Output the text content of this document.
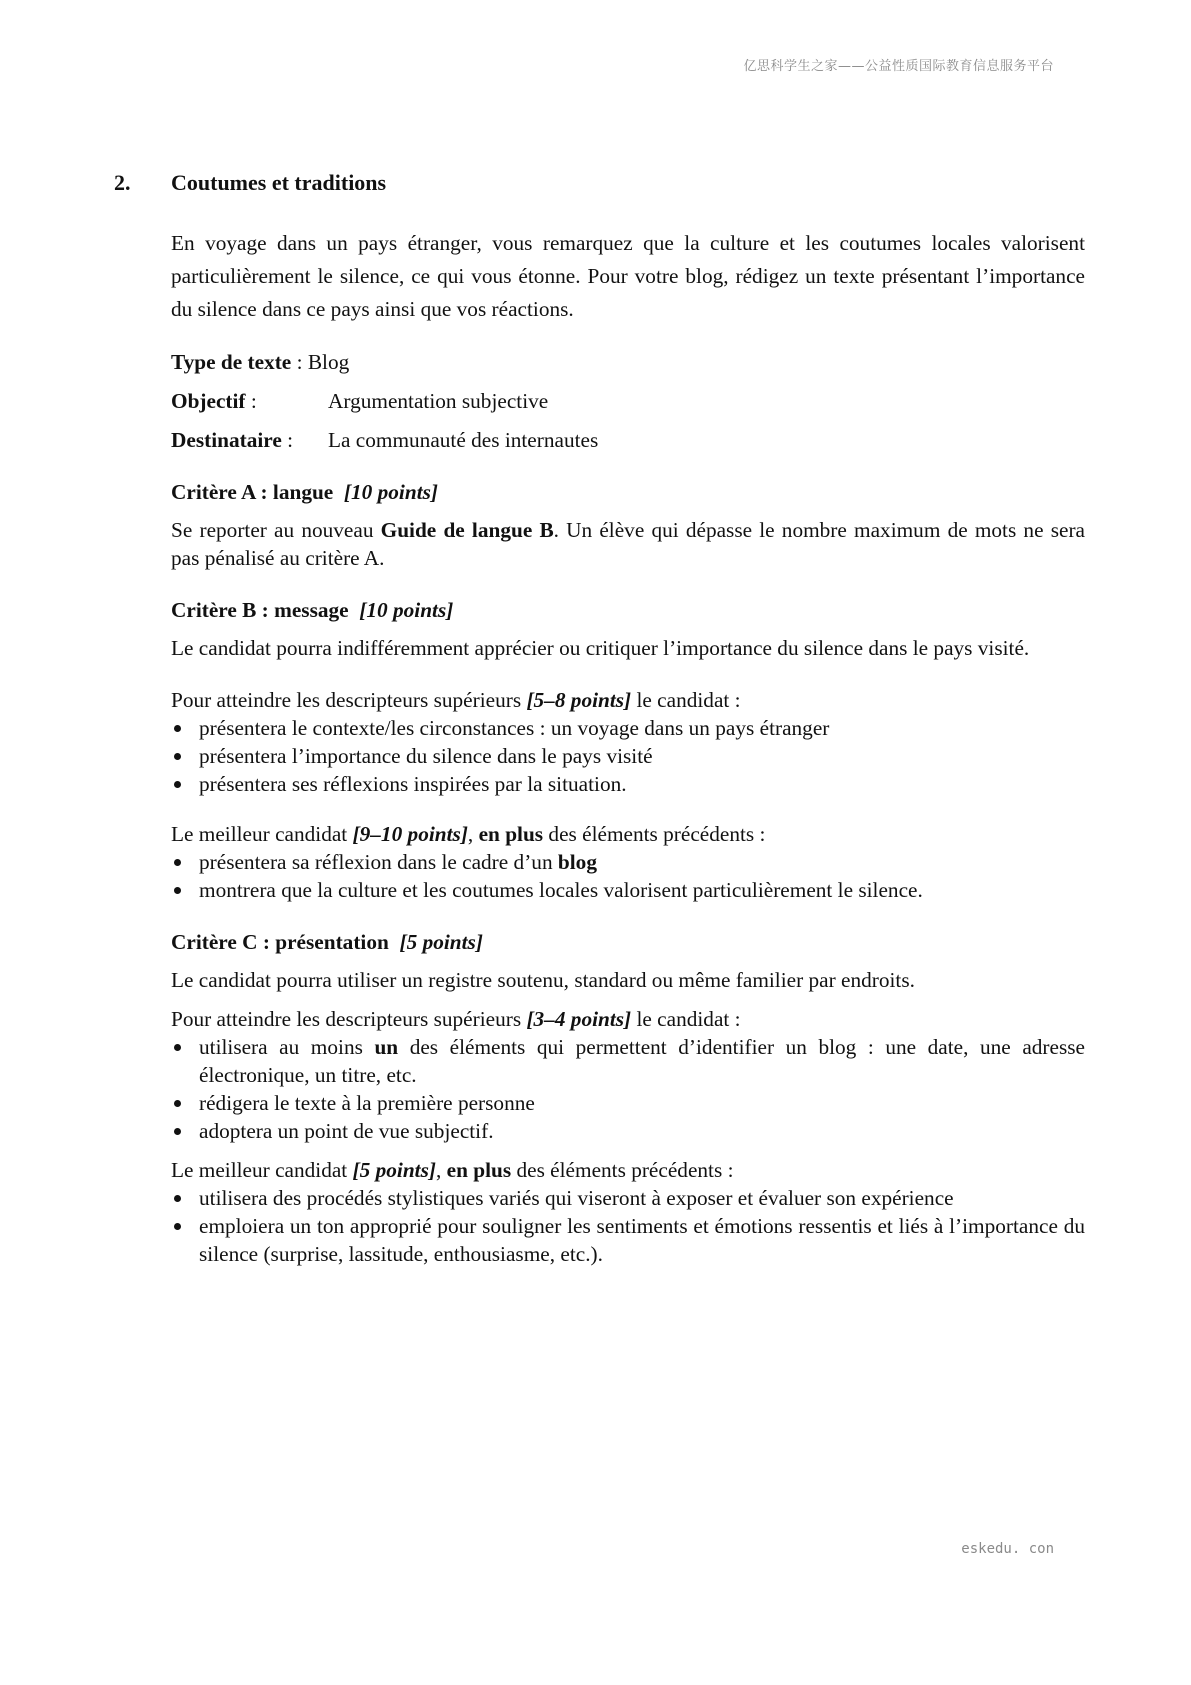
亿思科学生之家——公益性质国际教育信息服务平台
2. Coutumes et traditions

En voyage dans un pays étranger, vous remarquez que la culture et les coutumes locales valorisent particulièrement le silence, ce qui vous étonne. Pour votre blog, rédigez un texte présentant l’importance du silence dans ce pays ainsi que vos réactions.

Type de texte : Blog

Objectif :	Argumentation subjective
Destinataire :	La communauté des internautes

Critère A : langue [10 points]

Se reporter au nouveau Guide de langue B. Un élève qui dépasse le nombre maximum de mots ne sera pas pénalisé au critère A.

Critère B : message [10 points]

Le candidat pourra indifféremment apprécier ou critiquer l’importance du silence dans le pays visité.

Pour atteindre les descripteurs supérieurs [5–8 points] le candidat :

présentera le contexte/les circonstances : un voyage dans un pays étranger
présentera l’importance du silence dans le pays visité
présentera ses réflexions inspirées par la situation.

Le meilleur candidat [9–10 points], en plus des éléments précédents :

présentera sa réflexion dans le cadre d’un blog
montrera que la culture et les coutumes locales valorisent particulièrement le silence.

Critère C : présentation [5 points]

Le candidat pourra utiliser un registre soutenu, standard ou même familier par endroits.

Pour atteindre les descripteurs supérieurs [3–4 points] le candidat :

utilisera au moins un des éléments qui permettent d’identifier un blog : une date, une adresse électronique, un titre, etc.
rédigera le texte à la première personne
adoptera un point de vue subjectif.

Le meilleur candidat [5 points], en plus des éléments précédents :

utilisera des procédés stylistiques variés qui viseront à exposer et évaluer son expérience
emploiera un ton approprié pour souligner les sentiments et émotions ressentis et liés à l’importance du silence (surprise, lassitude, enthousiasme, etc.).
eskedu. con
